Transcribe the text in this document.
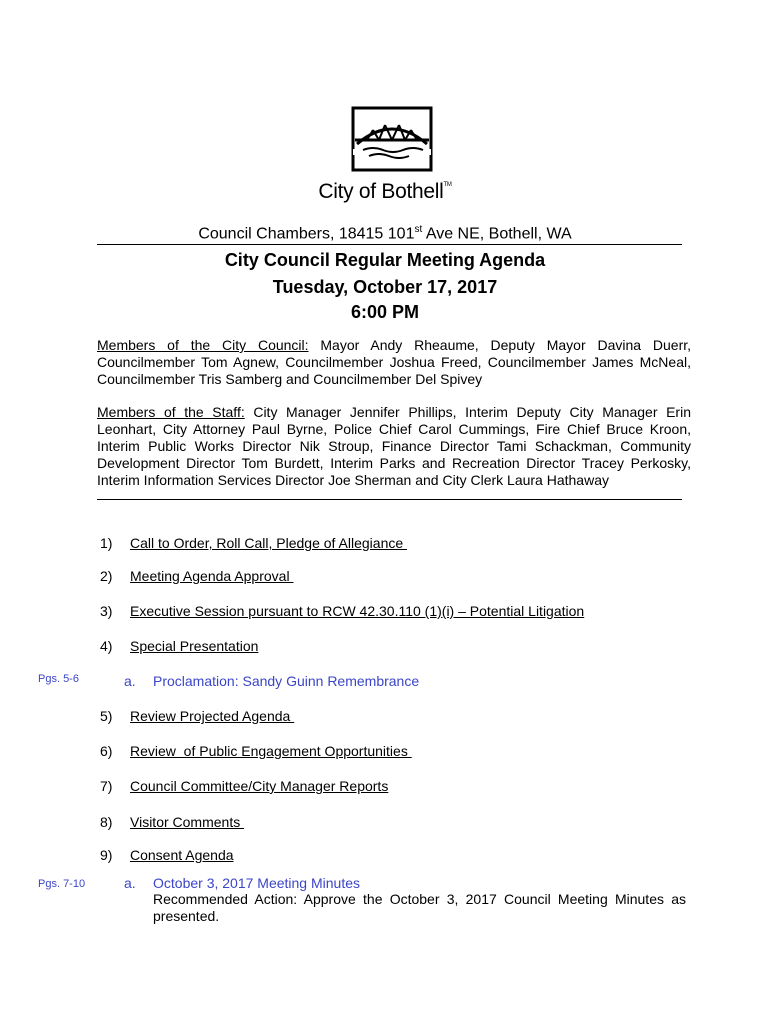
City of Bothell™
Council Chambers, 18415 101st Ave NE, Bothell, WA
City Council Regular Meeting Agenda
Tuesday, October 17, 2017
6:00 PM
Members of the City Council: Mayor Andy Rheaume, Deputy Mayor Davina Duerr, Councilmember Tom Agnew, Councilmember Joshua Freed, Councilmember James McNeal, Councilmember Tris Samberg and Councilmember Del Spivey
Members of the Staff: City Manager Jennifer Phillips, Interim Deputy City Manager Erin Leonhart, City Attorney Paul Byrne, Police Chief Carol Cummings, Fire Chief Bruce Kroon, Interim Public Works Director Nik Stroup, Finance Director Tami Schackman, Community Development Director Tom Burdett, Interim Parks and Recreation Director Tracey Perkosky, Interim Information Services Director Joe Sherman and City Clerk Laura Hathaway
1) Call to Order, Roll Call, Pledge of Allegiance
2) Meeting Agenda Approval
3) Executive Session pursuant to RCW 42.30.110 (1)(i) – Potential Litigation
4) Special Presentation
Pgs. 5-6	a. Proclamation: Sandy Guinn Remembrance
5) Review Projected Agenda
6) Review  of Public Engagement Opportunities
7) Council Committee/City Manager Reports
8) Visitor Comments
9) Consent Agenda
Pgs. 7-10	a. October 3, 2017 Meeting Minutes
Recommended Action: Approve the October 3, 2017 Council Meeting Minutes as presented.
